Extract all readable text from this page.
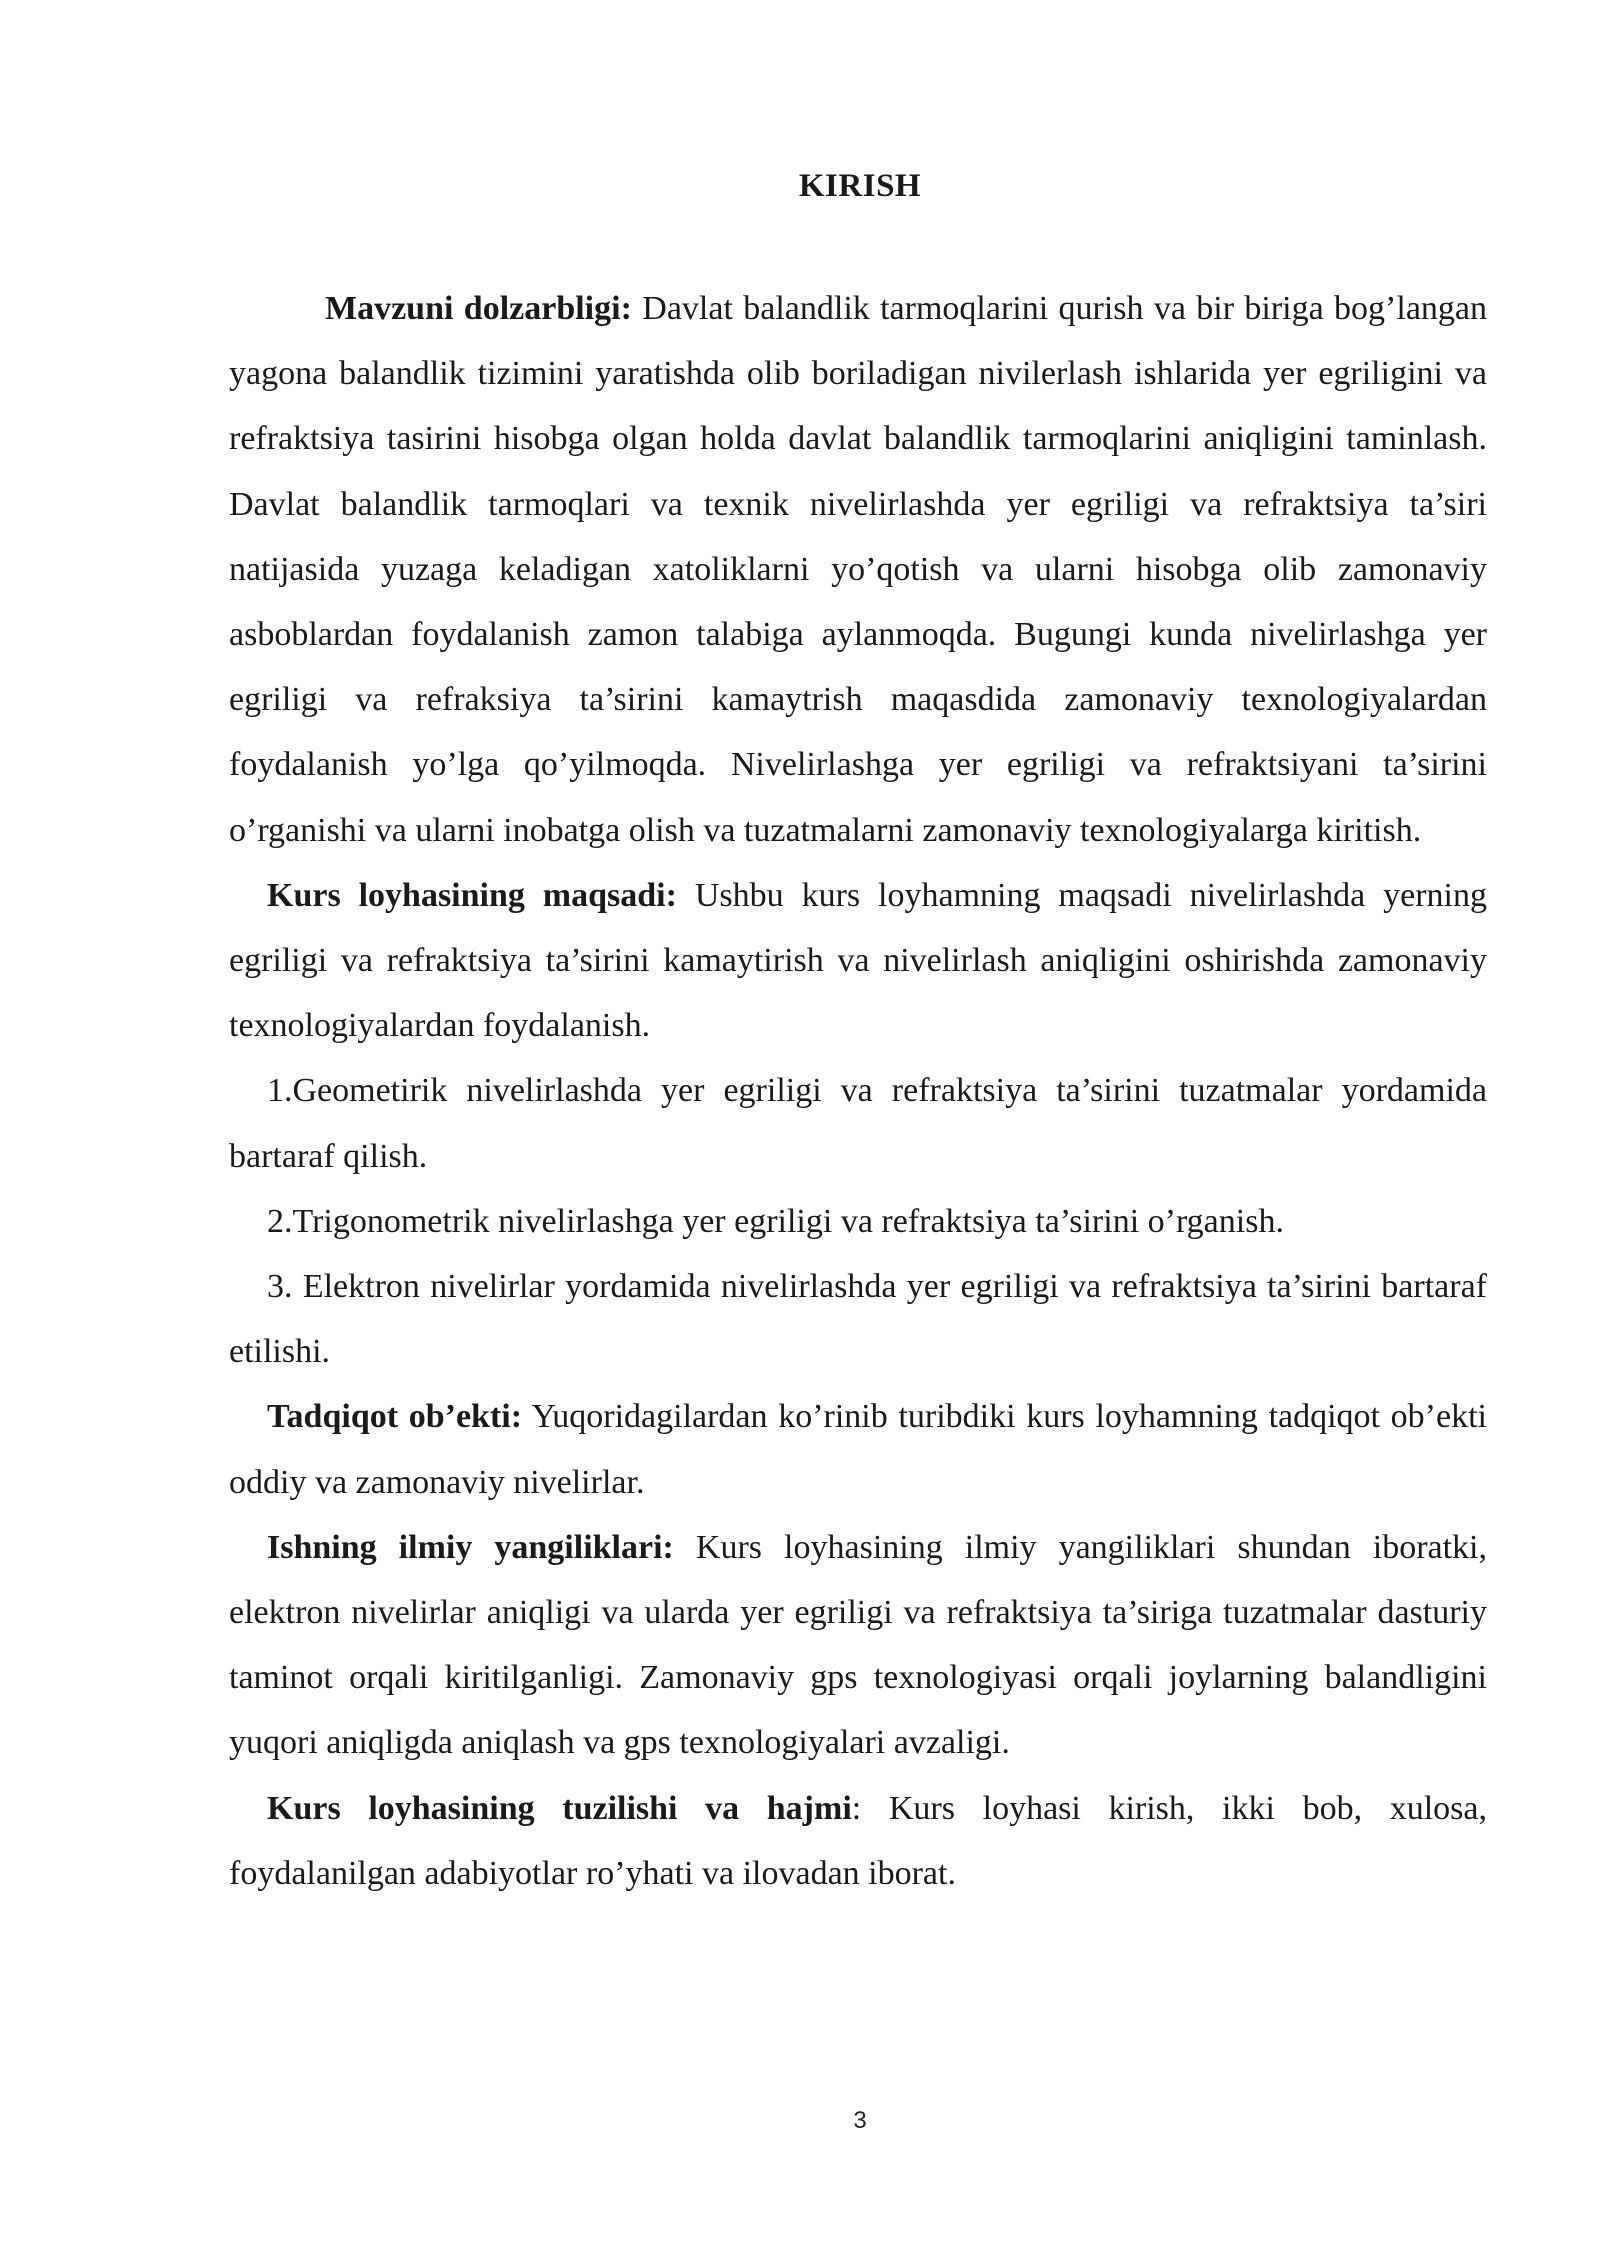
KIRISH

Mavzuni dolzarbligi: Davlat balandlik tarmoqlarini qurish va bir biriga bog’langan yagona balandlik tizimini yaratishda olib boriladigan nivilerlash ishlarida yer egriligini va refraktsiya tasirini hisobga olgan holda davlat balandlik tarmoqlarini aniqligini taminlash. Davlat balandlik tarmoqlari va texnik nivelirlashda yer egriligi va refraktsiya ta’siri natijasida yuzaga keladigan xatoliklarni yo’qotish va ularni hisobga olib zamonaviy asboblardan foydalanish zamon talabiga aylanmoqda. Bugungi kunda nivelirlashga yer egriligi va refraksiya ta’sirini kamaytrish maqasdida zamonaviy texnologiyalardan foydalanish yo’lga qo’yilmoqda. Nivelirlashga yer egriligi va refraktsiyani ta’sirini o’rganishi va ularni inobatga olish va tuzatmalarni zamonaviy texnologiyalarga kiritish.

Kurs loyhasining maqsadi: Ushbu kurs loyhamning maqsadi nivelirlashda yerning egriligi va refraktsiya ta’sirini kamaytirish va nivelirlash aniqligini oshirishda zamonaviy texnologiyalardan foydalanish.

1.Geometirik nivelirlashda yer egriligi va refraktsiya ta’sirini tuzatmalar yordamida bartaraf qilish.

2.Trigonometrik nivelirlashga yer egriligi va refraktsiya ta’sirini o’rganish.

3. Elektron nivelirlar yordamida nivelirlashda yer egriligi va refraktsiya ta’sirini bartaraf etilishi.

Tadqiqot ob’ekti: Yuqoridagilardan ko’rinib turibdiki kurs loyhamning tadqiqot ob’ekti oddiy va zamonaviy nivelirlar.

Ishning ilmiy yangiliklari: Kurs loyhasining ilmiy yangiliklari shundan iboratki, elektron nivelirlar aniqligi va ularda yer egriligi va refraktsiya ta’siriga tuzatmalar dasturiy taminot orqali kiritilganligi. Zamonaviy gps texnologiyasi orqali joylarning balandligini yuqori aniqligda aniqlash va gps texnologiyalari avzaligi.

Kurs loyhasining tuzilishi va hajmi: Kurs loyhasi kirish, ikki bob, xulosa, foydalanilgan adabiyotlar ro’yhati va ilovadan iborat.

3
